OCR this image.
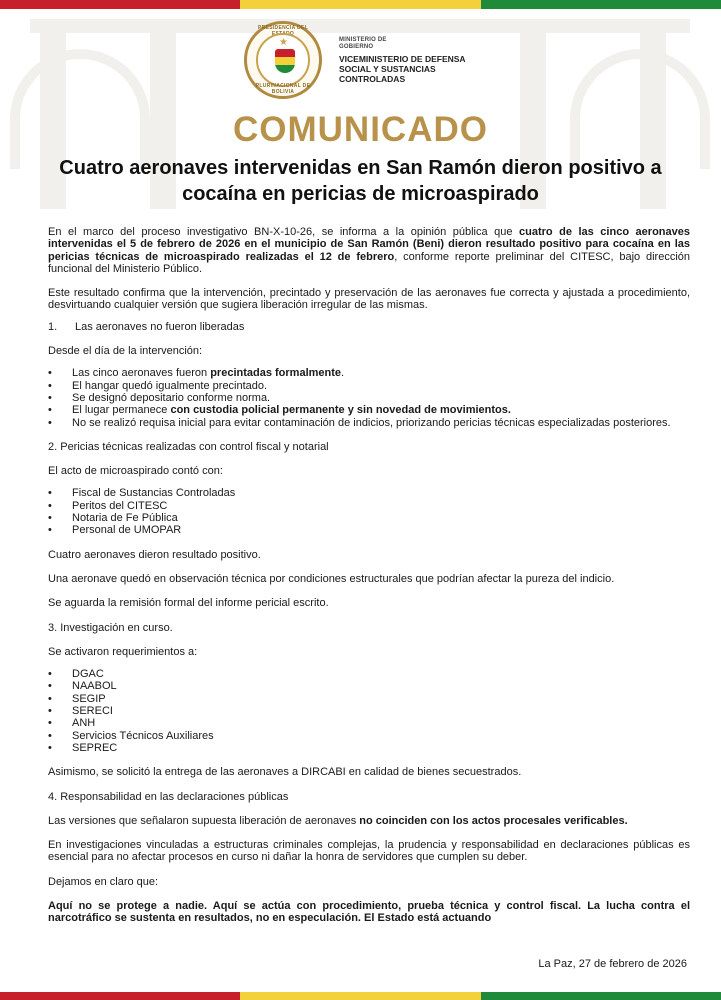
PRESIDENCIA DEL
★
PLURINACIONAL DE BOLIVIA
MINISTERIO DE GOBIERNO
VICEMINISTERIO DE DEFENSA SOCIAL Y SUSTANCIAS CONTROLADAS
COMUNICADO
Cuatro aeronaves intervenidas en San Ramón dieron positivo a cocaína en pericias de microaspirado

En el marco del proceso investigativo BN-X-10-26, se informa a la opinión pública que cuatro de las cinco aeronaves intervenidas el 5 de febrero de 2026 en el municipio de San Ramón (Beni) dieron resultado positivo para cocaína en las pericias técnicas de microaspirado realizadas el 12 de febrero, conforme reporte preliminar del CITESC, bajo dirección funcional del Ministerio Público.

Este resultado confirma que la intervención, precintado y preservación de las aeronaves fue correcta y ajustada a procedimiento, desvirtuando cualquier versión que sugiera liberación irregular de las mismas.

1. Las aeronaves no fueron liberadas

Desde el día de la intervención:

• Las cinco aeronaves fueron precintadas formalmente.
• El hangar quedó igualmente precintado.
• Se designó depositario conforme norma.
• El lugar permanece con custodia policial permanente y sin novedad de movimientos.
• No se realizó requisa inicial para evitar contaminación de indicios, priorizando pericias técnicas especializadas posteriores.

2. Pericias técnicas realizadas con control fiscal y notarial

El acto de microaspirado contó con:

• Fiscal de Sustancias Controladas
• Peritos del CITESC
• Notaria de Fe Pública
• Personal de UMOPAR

Cuatro aeronaves dieron resultado positivo.

Una aeronave quedó en observación técnica por condiciones estructurales que podrían afectar la pureza del indicio.

Se aguarda la remisión formal del informe pericial escrito.

3. Investigación en curso.

Se activaron requerimientos a:

• DGAC
• NAABOL
• SEGIP
• SERECI
• ANH
• Servicios Técnicos Auxiliares
• SEPREC

Asimismo, se solicitó la entrega de las aeronaves a DIRCABI en calidad de bienes secuestrados.

4. Responsabilidad en las declaraciones públicas

Las versiones que señalaron supuesta liberación de aeronaves no coinciden con los actos procesales verificables.

En investigaciones vinculadas a estructuras criminales complejas, la prudencia y responsabilidad en declaraciones públicas es esencial para no afectar procesos en curso ni dañar la honra de servidores que cumplen su deber.

Dejamos en claro que:

Aquí no se protege a nadie. Aquí se actúa con procedimiento, prueba técnica y control fiscal. La lucha contra el narcotráfico se sustenta en resultados, no en especulación. El Estado está actuando

La Paz, 27 de febrero de 2026
